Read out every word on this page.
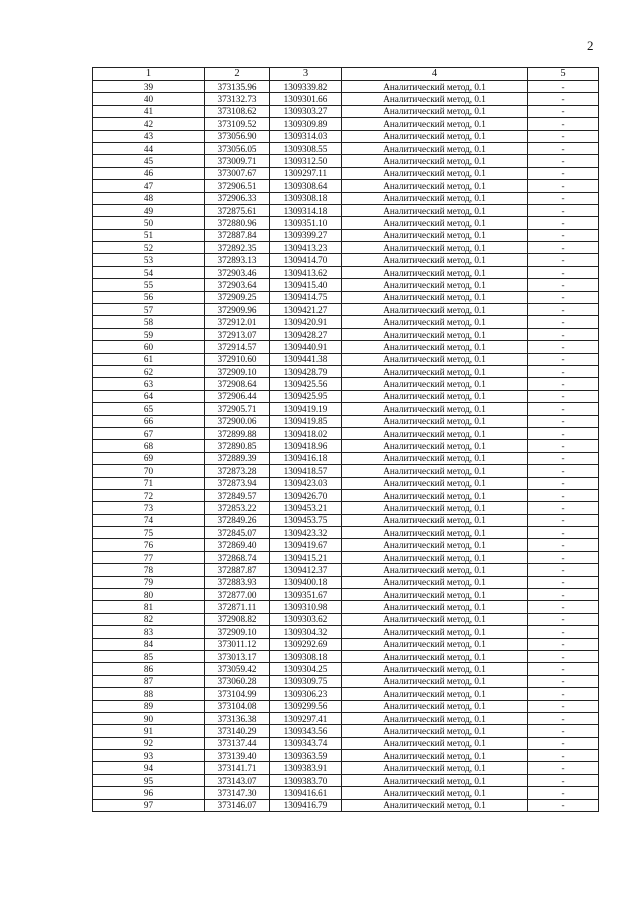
2
1	2	3	4	5
39	373135.96	1309339.82	Аналитический метод, 0.1	-
40	373132.73	1309301.66	Аналитический метод, 0.1	-
41	373108.62	1309303.27	Аналитический метод, 0.1	-
42	373109.52	1309309.89	Аналитический метод, 0.1	-
43	373056.90	1309314.03	Аналитический метод, 0.1	-
44	373056.05	1309308.55	Аналитический метод, 0.1	-
45	373009.71	1309312.50	Аналитический метод, 0.1	-
46	373007.67	1309297.11	Аналитический метод, 0.1	-
47	372906.51	1309308.64	Аналитический метод, 0.1	-
48	372906.33	1309308.18	Аналитический метод, 0.1	-
49	372875.61	1309314.18	Аналитический метод, 0.1	-
50	372880.96	1309351.10	Аналитический метод, 0.1	-
51	372887.84	1309399.27	Аналитический метод, 0.1	-
52	372892.35	1309413.23	Аналитический метод, 0.1	-
53	372893.13	1309414.70	Аналитический метод, 0.1	-
54	372903.46	1309413.62	Аналитический метод, 0.1	-
55	372903.64	1309415.40	Аналитический метод, 0.1	-
56	372909.25	1309414.75	Аналитический метод, 0.1	-
57	372909.96	1309421.27	Аналитический метод, 0.1	-
58	372912.01	1309420.91	Аналитический метод, 0.1	-
59	372913.07	1309428.27	Аналитический метод, 0.1	-
60	372914.57	1309440.91	Аналитический метод, 0.1	-
61	372910.60	1309441.38	Аналитический метод, 0.1	-
62	372909.10	1309428.79	Аналитический метод, 0.1	-
63	372908.64	1309425.56	Аналитический метод, 0.1	-
64	372906.44	1309425.95	Аналитический метод, 0.1	-
65	372905.71	1309419.19	Аналитический метод, 0.1	-
66	372900.06	1309419.85	Аналитический метод, 0.1	-
67	372899.88	1309418.02	Аналитический метод, 0.1	-
68	372890.85	1309418.96	Аналитический метод, 0.1	-
69	372889.39	1309416.18	Аналитический метод, 0.1	-
70	372873.28	1309418.57	Аналитический метод, 0.1	-
71	372873.94	1309423.03	Аналитический метод, 0.1	-
72	372849.57	1309426.70	Аналитический метод, 0.1	-
73	372853.22	1309453.21	Аналитический метод, 0.1	-
74	372849.26	1309453.75	Аналитический метод, 0.1	-
75	372845.07	1309423.32	Аналитический метод, 0.1	-
76	372869.40	1309419.67	Аналитический метод, 0.1	-
77	372868.74	1309415.21	Аналитический метод, 0.1	-
78	372887.87	1309412.37	Аналитический метод, 0.1	-
79	372883.93	1309400.18	Аналитический метод, 0.1	-
80	372877.00	1309351.67	Аналитический метод, 0.1	-
81	372871.11	1309310.98	Аналитический метод, 0.1	-
82	372908.82	1309303.62	Аналитический метод, 0.1	-
83	372909.10	1309304.32	Аналитический метод, 0.1	-
84	373011.12	1309292.69	Аналитический метод, 0.1	-
85	373013.17	1309308.18	Аналитический метод, 0.1	-
86	373059.42	1309304.25	Аналитический метод, 0.1	-
87	373060.28	1309309.75	Аналитический метод, 0.1	-
88	373104.99	1309306.23	Аналитический метод, 0.1	-
89	373104.08	1309299.56	Аналитический метод, 0.1	-
90	373136.38	1309297.41	Аналитический метод, 0.1	-
91	373140.29	1309343.56	Аналитический метод, 0.1	-
92	373137.44	1309343.74	Аналитический метод, 0.1	-
93	373139.40	1309363.59	Аналитический метод, 0.1	-
94	373141.71	1309383.91	Аналитический метод, 0.1	-
95	373143.07	1309383.70	Аналитический метод, 0.1	-
96	373147.30	1309416.61	Аналитический метод, 0.1	-
97	373146.07	1309416.79	Аналитический метод, 0.1	-
